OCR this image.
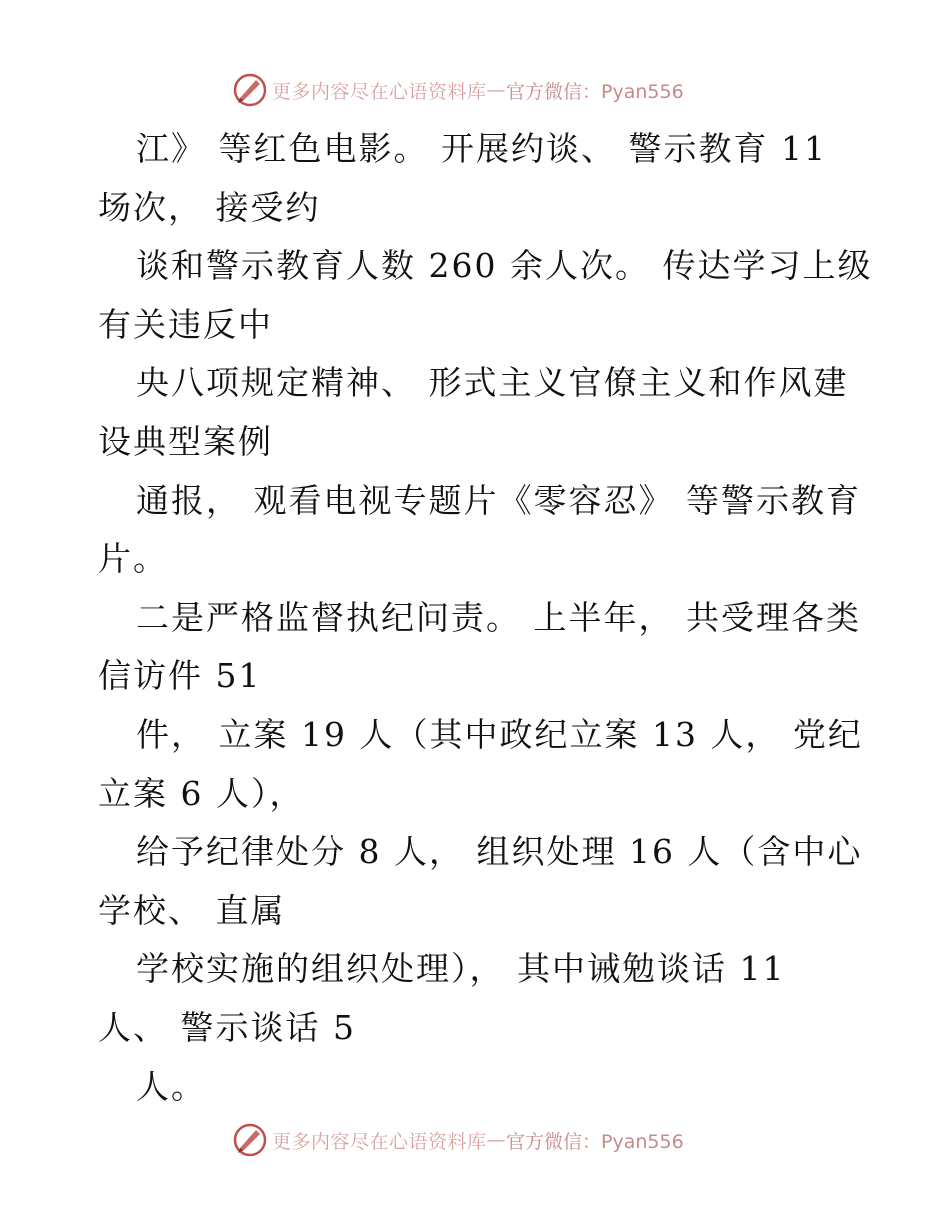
更多内容尽在心语资料库 — 官方微信：Pyan556
江》 等红色电影。 开展约谈、 警示教育 11
场次， 接受约
谈和警示教育人数 260 余人次。 传达学习上级
有关违反中
央八项规定精神、 形式主义官僚主义和作风建
设典型案例
通报， 观看电视专题片《零容忍》 等警示教育
片。
二是严格监督执纪问责。 上半年， 共受理各类
信访件 51
件， 立案 19 人（其中政纪立案 13 人， 党纪
立案 6 人），
给予纪律处分 8 人， 组织处理 16 人（含中心
学校、 直属
学校实施的组织处理）， 其中诫勉谈话 11
人、 警示谈话 5
人。
更多内容尽在心语资料库 — 官方微信：Pyan556
